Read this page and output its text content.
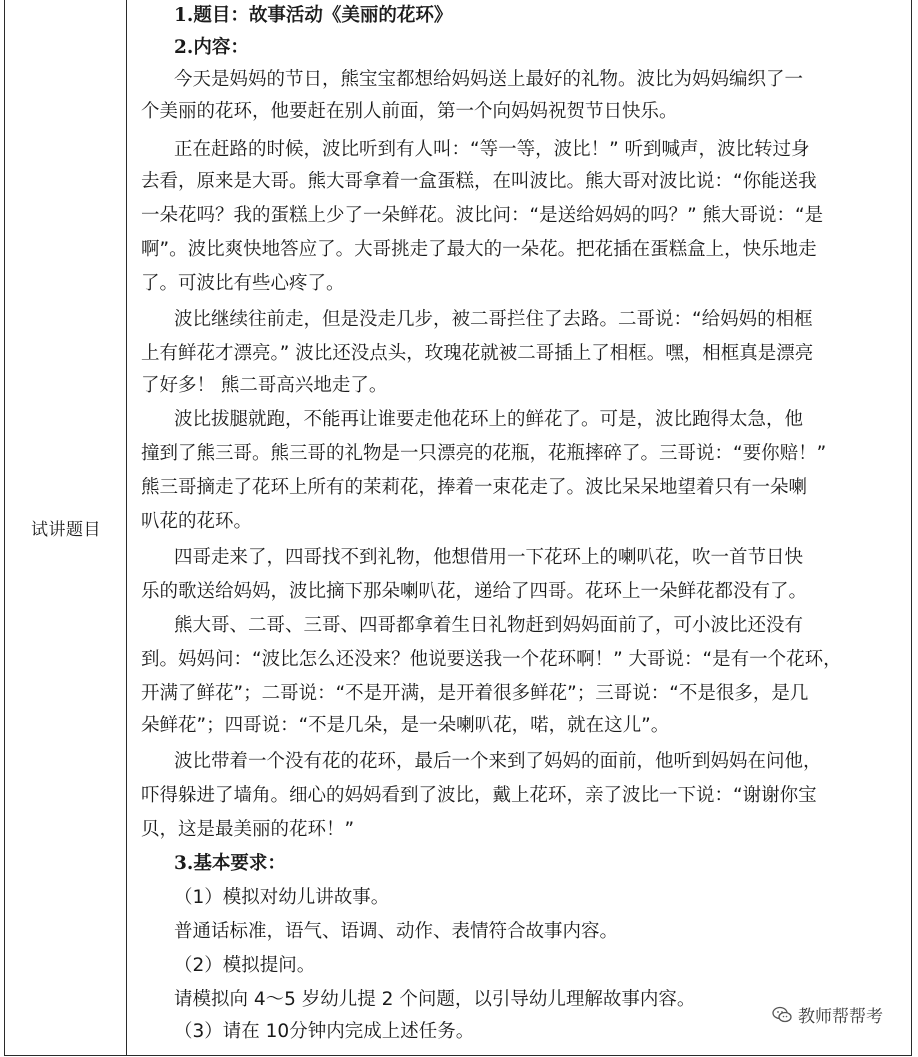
试讲题目
1.题目：故事活动《美丽的花环》
2.内容：
今天是妈妈的节日，熊宝宝都想给妈妈送上最好的礼物。波比为妈妈编织了一
个美丽的花环，他要赶在别人前面，第一个向妈妈祝贺节日快乐。
正在赶路的时候，波比听到有人叫：“等一等，波比！” 听到喊声，波比转过身
去看，原来是大哥。熊大哥拿着一盒蛋糕，在叫波比。熊大哥对波比说：“你能送我
一朵花吗？我的蛋糕上少了一朵鲜花。波比问：“是送给妈妈的吗？” 熊大哥说：“是
啊”。波比爽快地答应了。大哥挑走了最大的一朵花。把花插在蛋糕盒上，快乐地走
了。可波比有些心疼了。
波比继续往前走，但是没走几步，被二哥拦住了去路。二哥说：“给妈妈的相框
上有鲜花才漂亮。” 波比还没点头，玫瑰花就被二哥插上了相框。嘿，相框真是漂亮
了好多！ 熊二哥高兴地走了。
波比拔腿就跑，不能再让谁要走他花环上的鲜花了。可是，波比跑得太急，他
撞到了熊三哥。熊三哥的礼物是一只漂亮的花瓶，花瓶摔碎了。三哥说：“要你赔！”
熊三哥摘走了花环上所有的茉莉花，捧着一束花走了。波比呆呆地望着只有一朵喇
叭花的花环。
四哥走来了，四哥找不到礼物，他想借用一下花环上的喇叭花，吹一首节日快
乐的歌送给妈妈，波比摘下那朵喇叭花，递给了四哥。花环上一朵鲜花都没有了。
熊大哥、二哥、三哥、四哥都拿着生日礼物赶到妈妈面前了，可小波比还没有
到。妈妈问：“波比怎么还没来？他说要送我一个花环啊！” 大哥说：“是有一个花环，
开满了鲜花”；二哥说：“不是开满，是开着很多鲜花”；三哥说：“不是很多，是几
朵鲜花”；四哥说：“不是几朵，是一朵喇叭花，喏，就在这儿”。
波比带着一个没有花的花环，最后一个来到了妈妈的面前，他听到妈妈在问他，
吓得躲进了墙角。细心的妈妈看到了波比，戴上花环，亲了波比一下说：“谢谢你宝
贝，这是最美丽的花环！”
3.基本要求：
（1）模拟对幼儿讲故事。
普通话标准，语气、语调、动作、表情符合故事内容。
（2）模拟提问。
请模拟向 4～5 岁幼儿提 2 个问题，以引导幼儿理解故事内容。
（3）请在 10分钟内完成上述任务。
教师帮帮考
